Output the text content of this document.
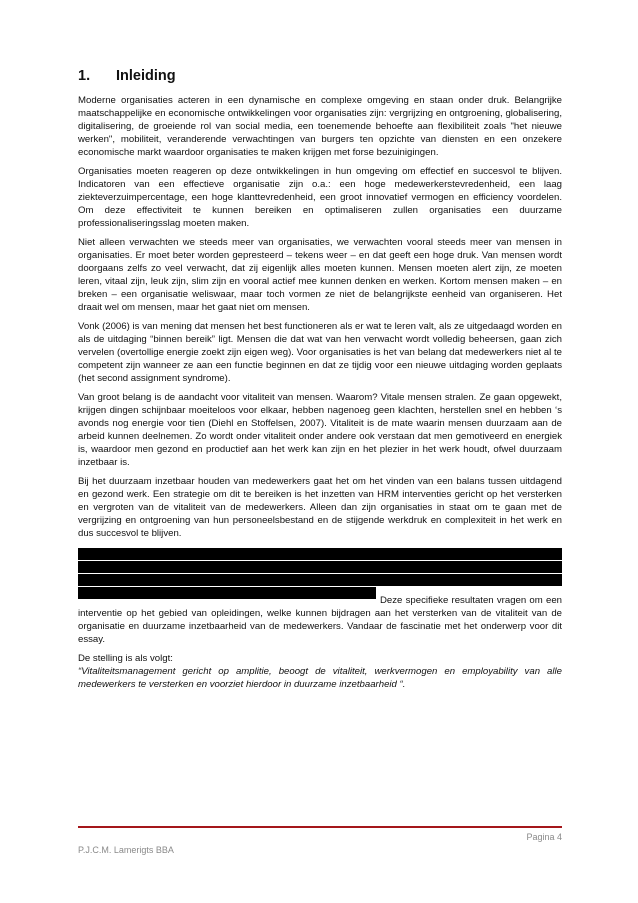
1. Inleiding

Moderne organisaties acteren in een dynamische en complexe omgeving en staan onder druk. Belangrijke maatschappelijke en economische ontwikkelingen voor organisaties zijn: vergrijzing en ontgroening, globalisering, digitalisering, de groeiende rol van social media, een toenemende behoefte aan flexibiliteit zoals "het nieuwe werken", mobiliteit, veranderende verwachtingen van burgers ten opzichte van diensten en een onzekere economische markt waardoor organisaties te maken krijgen met forse bezuinigingen.

Organisaties moeten reageren op deze ontwikkelingen in hun omgeving om effectief en succesvol te blijven. Indicatoren van een effectieve organisatie zijn o.a.: een hoge medewerkerstevredenheid, een laag ziekteverzuimpercentage, een hoge klanttevredenheid, een groot innovatief vermogen en efficiency voordelen. Om deze effectiviteit te kunnen bereiken en optimaliseren zullen organisaties een duurzame professionaliseringsslag moeten maken.

Niet alleen verwachten we steeds meer van organisaties, we verwachten vooral steeds meer van mensen in organisaties. Er moet beter worden gepresteerd – tekens weer – en dat geeft een hoge druk. Van mensen wordt doorgaans zelfs zo veel verwacht, dat zij eigenlijk alles moeten kunnen. Mensen moeten alert zijn, ze moeten leren, vitaal zijn, leuk zijn, slim zijn en vooral actief mee kunnen denken en werken. Kortom mensen maken – en breken – een organisatie weliswaar, maar toch vormen ze niet de belangrijkste eenheid van organiseren. Het draait wel om mensen, maar het gaat niet om mensen.

Vonk (2006) is van mening dat mensen het best functioneren als er wat te leren valt, als ze uitgedaagd worden en als de uitdaging “binnen bereik” ligt. Mensen die dat wat van hen verwacht wordt volledig beheersen, gaan zich vervelen (overtollige energie zoekt zijn eigen weg). Voor organisaties is het van belang dat medewerkers niet al te competent zijn wanneer ze aan een functie beginnen en dat ze tijdig voor een nieuwe uitdaging worden geplaats (het second assignment syndrome).

Van groot belang is de aandacht voor vitaliteit van mensen. Waarom? Vitale mensen stralen. Ze gaan opgewekt, krijgen dingen schijnbaar moeiteloos voor elkaar, hebben nagenoeg geen klachten, herstellen snel en hebben ‘s avonds nog energie voor tien (Diehl en Stoffelsen, 2007). Vitaliteit is de mate waarin mensen duurzaam aan de arbeid kunnen deelnemen. Zo wordt onder vitaliteit onder andere ook verstaan dat men gemotiveerd en energiek is, waardoor men gezond en productief aan het werk kan zijn en het plezier in het werk houdt, ofwel duurzaam inzetbaar is.

Bij het duurzaam inzetbaar houden van medewerkers gaat het om het vinden van een balans tussen uitdagend en gezond werk. Een strategie om dit te bereiken is het inzetten van HRM interventies gericht op het versterken en vergroten van de vitaliteit van de medewerkers. Alleen dan zijn organisaties in staat om te gaan met de vergrijzing en ontgroening van hun personeelsbestand en de stijgende werkdruk en complexiteit in het werk en dus succesvol te blijven.

Deze specifieke resultaten vragen om een interventie op het gebied van opleidingen, welke kunnen bijdragen aan het versterken van de vitaliteit van de organisatie en duurzame inzetbaarheid van de medewerkers. Vandaar de fascinatie met het onderwerp voor dit essay.

De stelling is als volgt:

“Vitaliteitsmanagement gericht op amplitie, beoogt de vitaliteit, werkvermogen en employability van alle medewerkers te versterken en voorziet hierdoor in duurzame inzetbaarheid “.

Pagina 4
P.J.C.M. Lamerigts BBA
